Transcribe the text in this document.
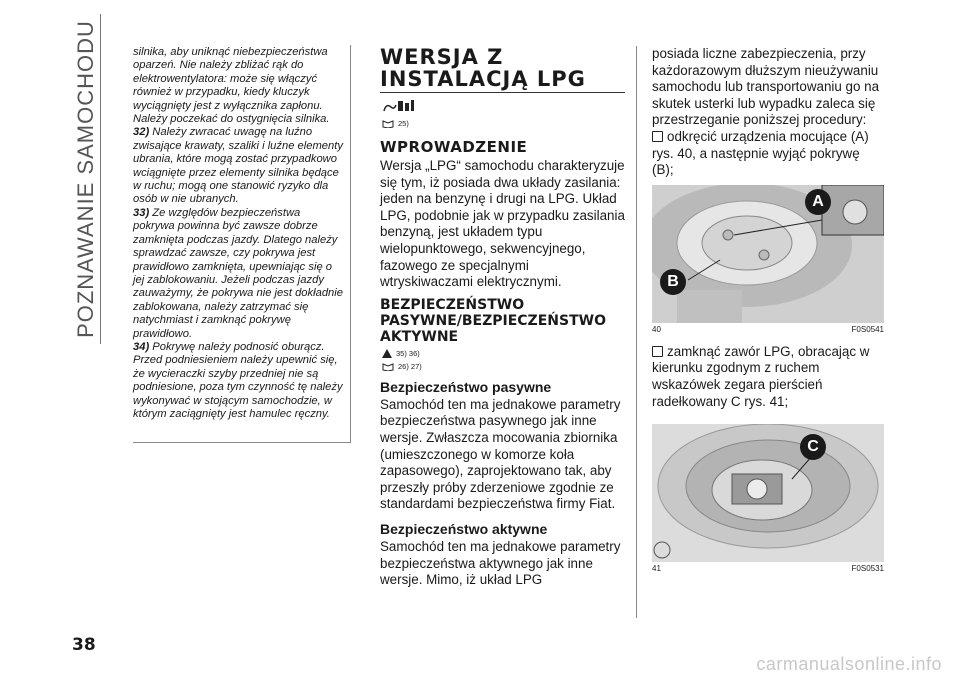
POZNAWANIE SAMOCHODU	silnika, aby uniknąć niebezpieczeństwa oparzeń. Nie należy zbliżać rąk do elektrowentylatora: może się włączyć również w przypadku, kiedy kluczyk wyciągnięty jest z wyłącznika zapłonu. Należy poczekać do ostygnięcia silnika.

32) Należy zwracać uwagę na luźno zwisające krawaty, szaliki i luźne elementy ubrania, które mogą zostać przypadkowo wciągnięte przez elementy silnika będące w ruchu; mogą one stanowić ryzyko dla osób w nie ubranych.

33) Ze względów bezpieczeństwa pokrywa powinna być zawsze dobrze zamknięta podczas jazdy. Dlatego należy sprawdzać zawsze, czy pokrywa jest prawidłowo zamknięta, upewniając się o jej zablokowaniu. Jeżeli podczas jazdy zauważymy, że pokrywa nie jest dokładnie zablokowana, należy zatrzymać się natychmiast i zamknąć pokrywę prawidłowo.

34) Pokrywę należy podnosić oburącz. Przed podniesieniem należy upewnić się, że wycieraczki szyby przedniej nie są podniesione, poza tym czynność tę należy wykonywać w stojącym samochodzie, w którym zaciągnięty jest hamulec ręczny.

WERSJA Z
INSTALACJĄ LPG
25)
WPROWADZENIE

Wersja „LPG“ samochodu charakteryzuje się tym, iż posiada dwa układy zasilania: jeden na benzynę i drugi na LPG. Układ LPG, podobnie jak w przypadku zasilania benzyną, jest układem typu wielopunktowego, sekwencyjnego, fazowego ze specjalnymi wtryskiwaczami elektrycznymi.

BEZPIECZEŃSTWO
PASYWNE/BEZPIECZEŃSTWO
AKTYWNE
35) 36)
26) 27)
Bezpieczeństwo pasywne

Samochód ten ma jednakowe parametry bezpieczeństwa pasywnego jak inne wersje. Zwłaszcza mocowania zbiornika (umieszczonego w komorze koła zapasowego), zaprojektowano tak, aby przeszły próby zderzeniowe zgodnie ze standardami bezpieczeństwa firmy Fiat.

Bezpieczeństwo aktywne

Samochód ten ma jednakowe parametry bezpieczeństwa aktywnego jak inne wersje. Mimo, iż układ LPG

posiada liczne zabezpieczenia, przy każdorazowym dłuższym nieużywaniu samochodu lub transportowaniu go na skutek usterki lub wypadku zaleca się przestrzeganie poniższej procedury:

odkręcić urządzenia mocujące (A) rys. 40, a następnie wyjąć pokrywę (B);

A
B
40	F0S0541

zamknąć zawór LPG, obracając w kierunku zgodnym z ruchem wskazówek zegara pierścień radełkowany C rys. 41;

C
41	F0S0531
38
carmanualsonline.info
